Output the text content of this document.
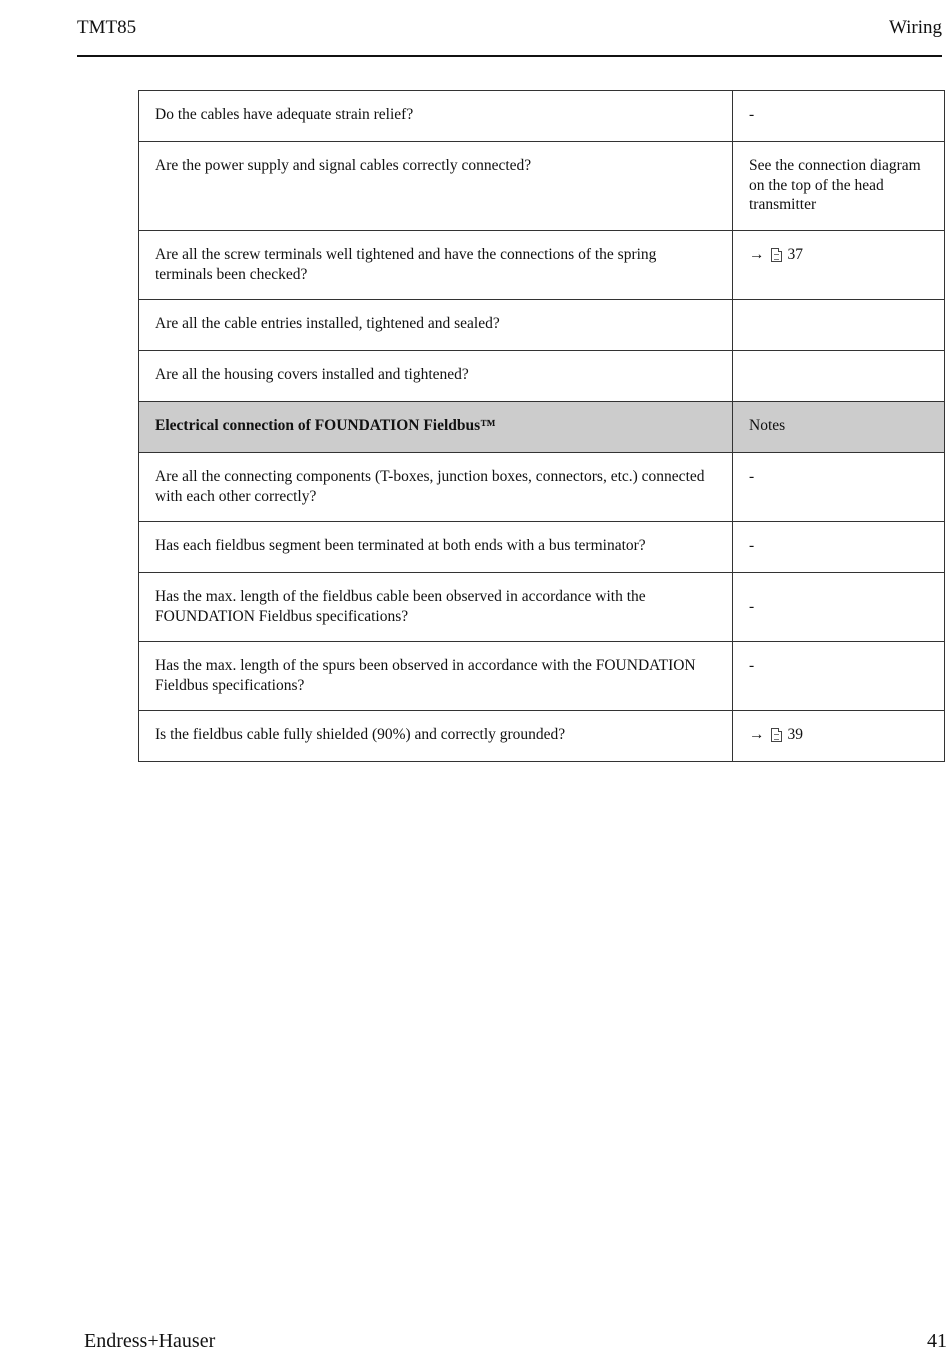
TMT85	Wiring
Do the cables have adequate strain relief?	-
Are the power supply and signal cables correctly connected?	See the connection diagram on the top of the head transmitter
Are all the screw terminals well tightened and have the connections of the spring terminals been checked?	→ 37

Are all the cable entries installed, tightened and sealed?	
Are all the housing covers installed and tightened?	
Electrical connection of FOUNDATION Fieldbus™	Notes
Are all the connecting components (T-boxes, junction boxes, connectors, etc.) connected with each other correctly?	-
Has each fieldbus segment been terminated at both ends with a bus terminator?	-
Has the max. length of the fieldbus cable been observed in accordance with the FOUNDATION Fieldbus specifications?	-
Has the max. length of the spurs been observed in accordance with the FOUNDATION Fieldbus specifications?	-
Is the fieldbus cable fully shielded (90%) and correctly grounded?	→ 39
Endress+Hauser	41
